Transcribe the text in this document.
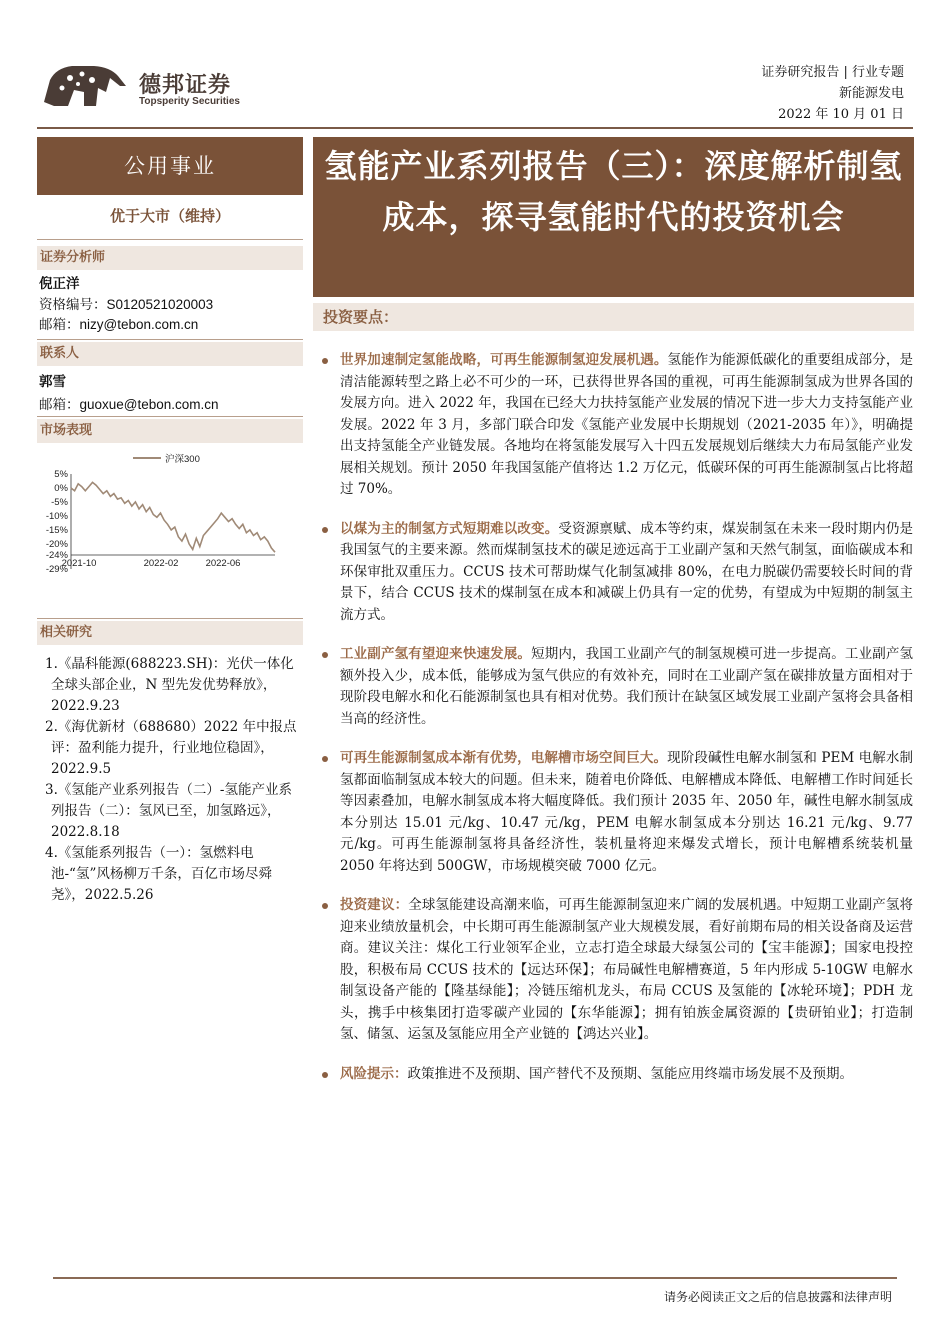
德邦证券
Topsperity Securities
证券研究报告 | 行业专题
新能源发电
2022 年 10 月 01 日
公用事业
优于大市（维持）
证券分析师
倪正洋
资格编号：S0120521020003
邮箱：nizy@tebon.com.cn
联系人
郭雪
邮箱：guoxue@tebon.com.cn
市场表现
5%
0%
-5%
-10%
-15%
-20%
-24%
-29%
2021-10	2022-02	2022-06
沪深300
相关研究
1.《晶科能源(688223.SH)：光伏一体化全球头部企业，N 型先发优势释放》，2022.9.23
2.《海优新材（688680）2022 年中报点评：盈利能力提升，行业地位稳固》，2022.9.5
3.《氢能产业系列报告（二）-氢能产业系列报告（二）：氢风已至，加氢路远》，2022.8.18
4.《氢能系列报告（一）：氢燃料电池-“氢”风杨柳万千条，百亿市场尽舜尧》，2022.5.26
氢能产业系列报告（三）：深度解析制氢成本，探寻氢能时代的投资机会
投资要点：
世界加速制定氢能战略，可再生能源制氢迎发展机遇。氢能作为能源低碳化的重要组成部分，是清洁能源转型之路上必不可少的一环，已获得世界各国的重视，可再生能源制氢成为世界各国的发展方向。进入 2022 年，我国在已经大力扶持氢能产业发展的情况下进一步大力支持氢能产业发展。2022 年 3 月，多部门联合印发《氢能产业发展中长期规划（2021-2035 年）》，明确提出支持氢能全产业链发展。各地均在将氢能发展写入十四五发展规划后继续大力布局氢能产业发展相关规划。预计 2050 年我国氢能产值将达 1.2 万亿元，低碳环保的可再生能源制氢占比将超过 70%。
以煤为主的制氢方式短期难以改变。受资源禀赋、成本等约束，煤炭制氢在未来一段时期内仍是我国氢气的主要来源。然而煤制氢技术的碳足迹远高于工业副产氢和天然气制氢，面临碳成本和环保审批双重压力。CCUS 技术可帮助煤气化制氢减排 80%，在电力脱碳仍需要较长时间的背景下，结合 CCUS 技术的煤制氢在成本和减碳上仍具有一定的优势，有望成为中短期的制氢主流方式。
工业副产氢有望迎来快速发展。短期内，我国工业副产气的制氢规模可进一步提高。工业副产氢额外投入少，成本低，能够成为氢气供应的有效补充，同时在工业副产氢在碳排放量方面相对于现阶段电解水和化石能源制氢也具有相对优势。我们预计在缺氢区域发展工业副产氢将会具备相当高的经济性。
可再生能源制氢成本渐有优势，电解槽市场空间巨大。现阶段碱性电解水制氢和 PEM 电解水制氢都面临制氢成本较大的问题。但未来，随着电价降低、电解槽成本降低、电解槽工作时间延长等因素叠加，电解水制氢成本将大幅度降低。我们预计 2035 年、2050 年，碱性电解水制氢成本分别达 15.01 元/kg、10.47 元/kg，PEM 电解水制氢成本分别达 16.21 元/kg、9.77 元/kg。可再生能源制氢将具备经济性，装机量将迎来爆发式增长，预计电解槽系统装机量 2050 年将达到 500GW，市场规模突破 7000 亿元。
投资建议：全球氢能建设高潮来临，可再生能源制氢迎来广阔的发展机遇。中短期工业副产氢将迎来业绩放量机会，中长期可再生能源制氢产业大规模发展，看好前期布局的相关设备商及运营商。建议关注：煤化工行业领军企业，立志打造全球最大绿氢公司的【宝丰能源】；国家电投控股，积极布局 CCUS 技术的【远达环保】；布局碱性电解槽赛道，5 年内形成 5-10GW 电解水制氢设备产能的【隆基绿能】；冷链压缩机龙头，布局 CCUS 及氢能的【冰轮环境】；PDH 龙头，携手中核集团打造零碳产业园的【东华能源】；拥有铂族金属资源的【贵研铂业】；打造制氢、储氢、运氢及氢能应用全产业链的【鸿达兴业】。
风险提示：政策推进不及预期、国产替代不及预期、氢能应用终端市场发展不及预期。
请务必阅读正文之后的信息披露和法律声明
